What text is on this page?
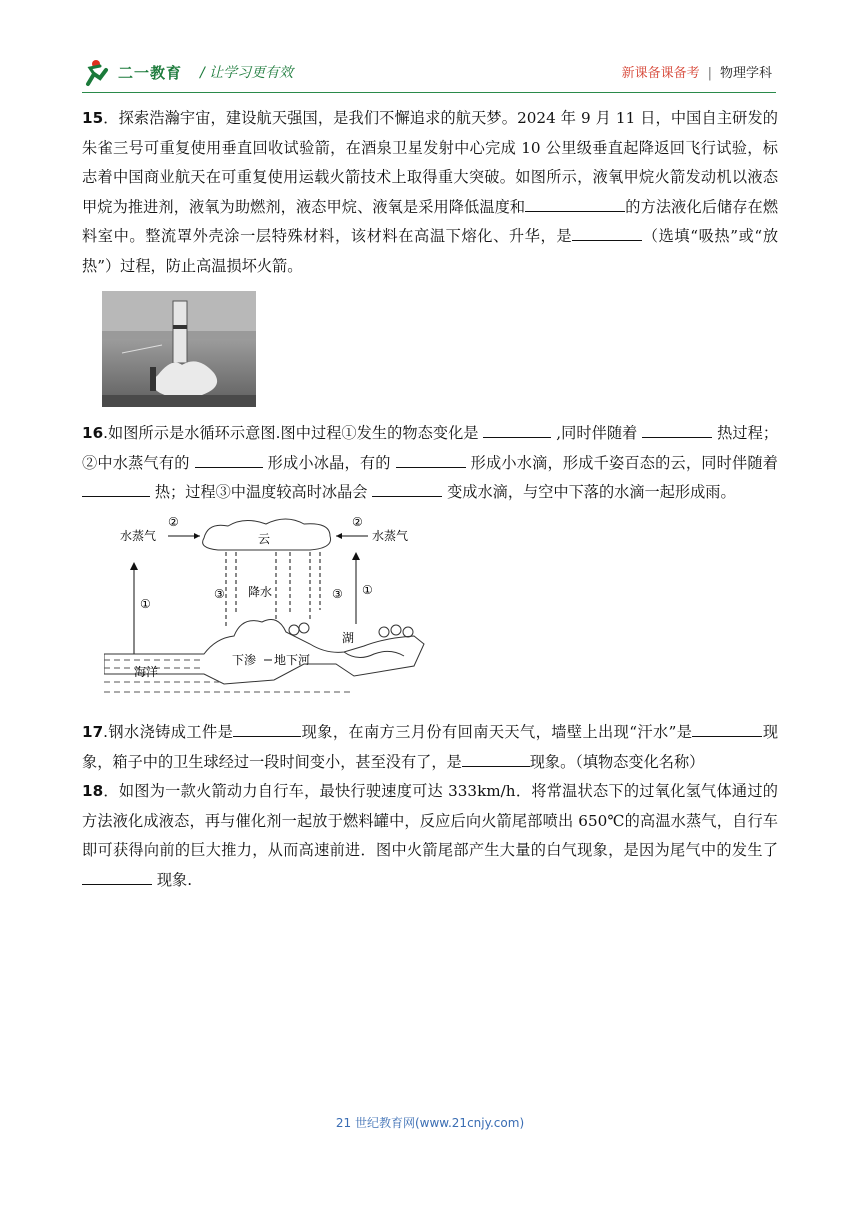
二一教育 / 让学习更有效	新课备课备考 | 物理学科

15．探索浩瀚宇宙，建设航天强国，是我们不懈追求的航天梦。2024 年 9 月 11 日，中国自主研发的朱雀三号可重复使用垂直回收试验箭，在酒泉卫星发射中心完成 10 公里级垂直起降返回飞行试验，标志着中国商业航天在可重复使用运载火箭技术上取得重大突破。如图所示，液氧甲烷火箭发动机以液态甲烷为推进剂，液氧为助燃剂，液态甲烷、液氧是采用降低温度和	的方法液化后储存在燃料室中。整流罩外壳涂一层特殊材料，该材料在高温下熔化、升华，是	（选填“吸热”或“放热”）过程，防止高温损坏火箭。

16.如图所示是水循环示意图.图中过程①发生的物态变化是	,同时伴随着	热过程；②中水蒸气有的	形成小冰晶，有的	形成小水滴，形成千姿百态的云，同时伴随着  热；过程③中温度较高时冰晶会	变成水滴，与空中下落的水滴一起形成雨。

云
水蒸气
②
水蒸气
②
①
①
③	③
降水
湖
海洋
下渗 地下河

17.钢水浇铸成工件是	现象，在南方三月份有回南天天气，墙壁上出现“汗水”是	现象，箱子中的卫生球经过一段时间变小，甚至没有了，是	现象。（填物态变化名称）

18．如图为一款火箭动力自行车，最快行驶速度可达 333km/h．将常温状态下的过氧化氢气体通过的方法液化成液态，再与催化剂一起放于燃料罐中，反应后向火箭尾部喷出 650℃的高温水蒸气，自行车即可获得向前的巨大推力，从而高速前进．图中火箭尾部产生大量的白气现象，是因为尾气中的发生了  现象.

21 世纪教育网(www.21cnjy.com)
